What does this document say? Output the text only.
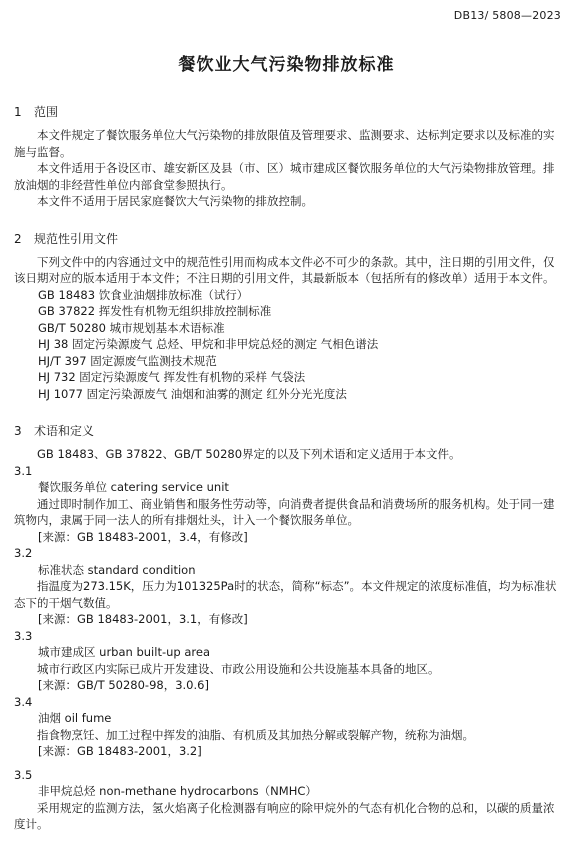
DB13/ 5808—2023
餐饮业大气污染物排放标准
1 范围

本文件规定了餐饮服务单位大气污染物的排放限值及管理要求、监测要求、达标判定要求以及标准的实施与监督。

本文件适用于各设区市、雄安新区及县（市、区）城市建成区餐饮服务单位的大气污染物排放管理。排放油烟的非经营性单位内部食堂参照执行。

本文件不适用于居民家庭餐饮大气污染物的排放控制。

2 规范性引用文件

下列文件中的内容通过文中的规范性引用而构成本文件必不可少的条款。其中，注日期的引用文件，仅该日期对应的版本适用于本文件；不注日期的引用文件，其最新版本（包括所有的修改单）适用于本文件。

GB 18483 饮食业油烟排放标准（试行）
GB 37822 挥发性有机物无组织排放控制标准
GB/T 50280 城市规划基本术语标准
HJ 38 固定污染源废气 总烃、甲烷和非甲烷总烃的测定 气相色谱法
HJ/T 397 固定源废气监测技术规范
HJ 732 固定污染源废气 挥发性有机物的采样 气袋法
HJ 1077 固定污染源废气 油烟和油雾的测定 红外分光光度法
3 术语和定义

GB 18483、GB 37822、GB/T 50280界定的以及下列术语和定义适用于本文件。

3.1
餐饮服务单位 catering service unit

通过即时制作加工、商业销售和服务性劳动等，向消费者提供食品和消费场所的服务机构。处于同一建筑物内，隶属于同一法人的所有排烟灶头，计入一个餐饮服务单位。

[来源：GB 18483-2001，3.4，有修改]
3.2
标准状态 standard condition

指温度为273.15K，压力为101325Pa时的状态，简称“标态”。本文件规定的浓度标准值，均为标准状态下的干烟气数值。

[来源：GB 18483-2001，3.1，有修改]
3.3
城市建成区 urban built-up area

城市行政区内实际已成片开发建设、市政公用设施和公共设施基本具备的地区。

[来源：GB/T 50280-98，3.0.6]
3.4
油烟 oil fume

指食物烹饪、加工过程中挥发的油脂、有机质及其加热分解或裂解产物，统称为油烟。

[来源：GB 18483-2001，3.2]
3.5
非甲烷总烃 non-methane hydrocarbons（NMHC）

采用规定的监测方法，氢火焰离子化检测器有响应的除甲烷外的气态有机化合物的总和，以碳的质量浓度计。
